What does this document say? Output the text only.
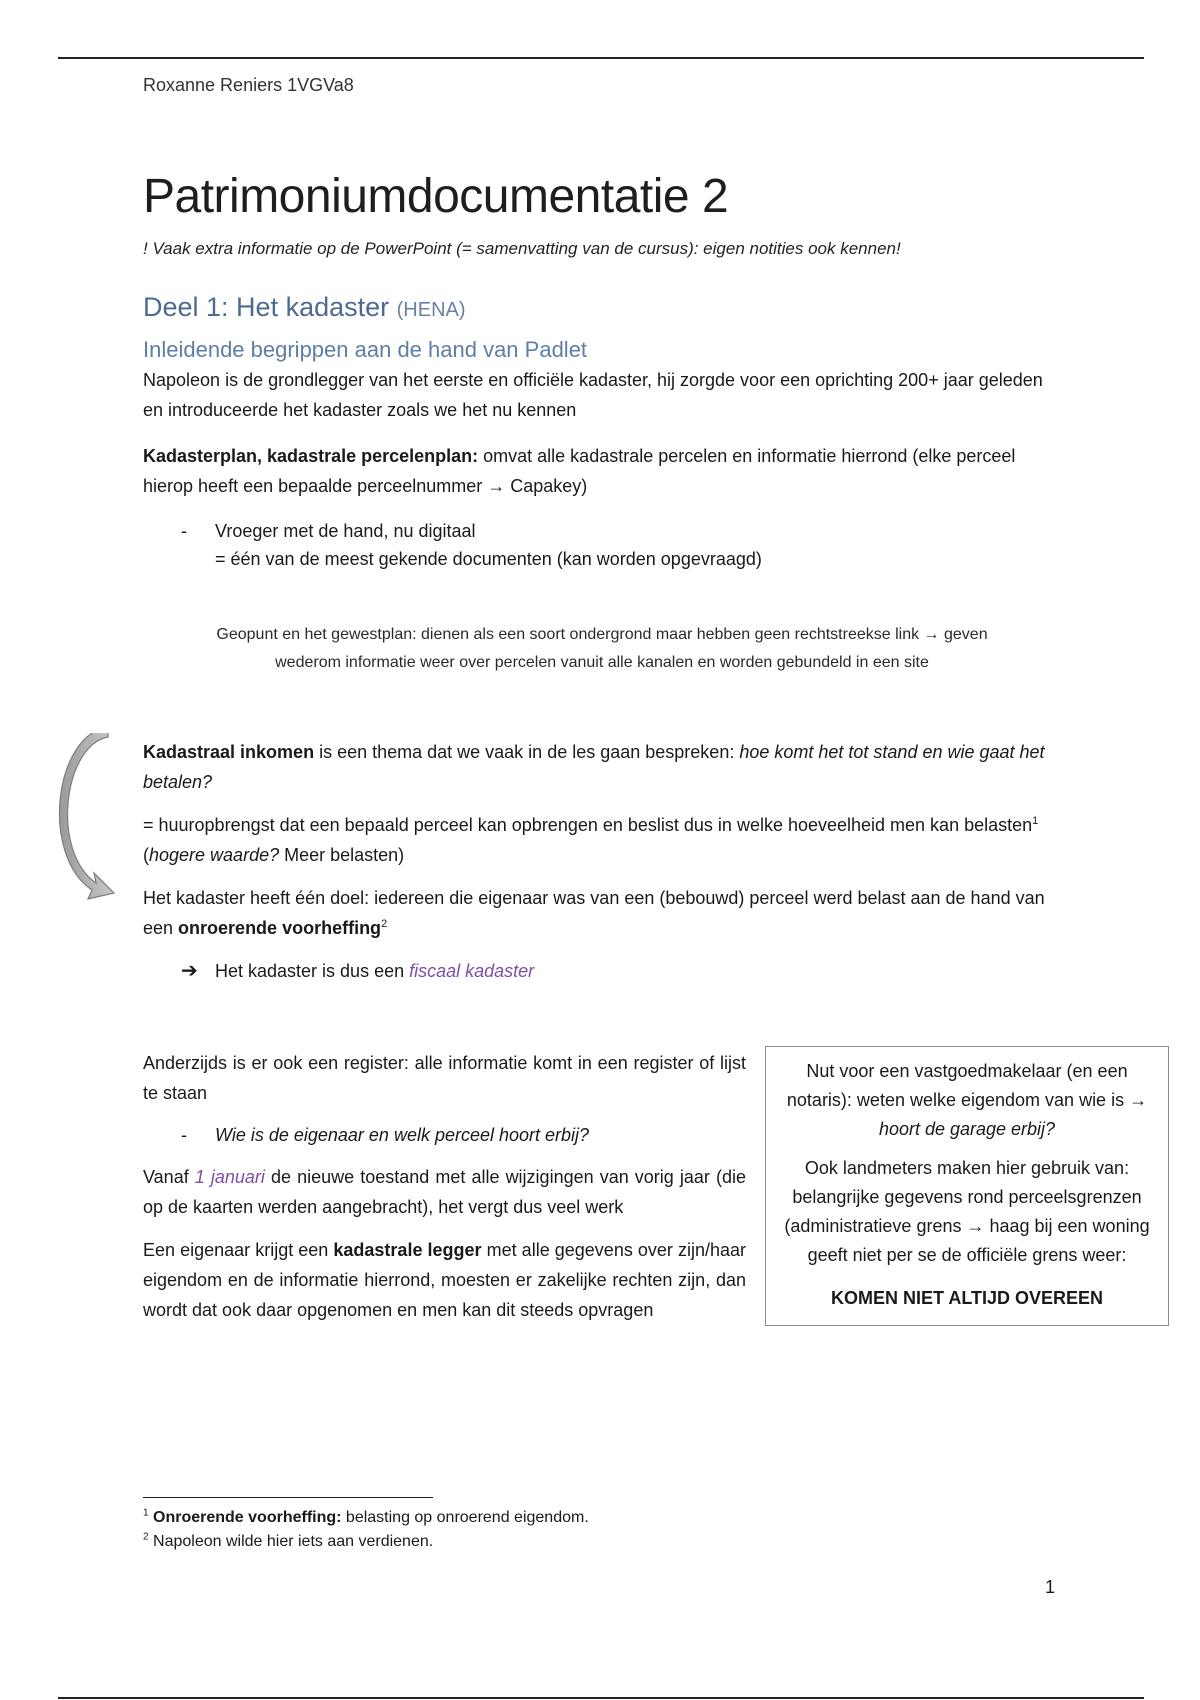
Roxanne Reniers 1VGVa8

Patrimoniumdocumentatie 2

! Vaak extra informatie op de PowerPoint (= samenvatting van de cursus): eigen notities ook kennen!

Deel 1: Het kadaster (HENA)
Inleidende begrippen aan de hand van Padlet

Napoleon is de grondlegger van het eerste en officiële kadaster, hij zorgde voor een oprichting 200+ jaar geleden en introduceerde het kadaster zoals we het nu kennen

Kadasterplan, kadastrale percelenplan: omvat alle kadastrale percelen en informatie hierrond (elke perceel hierop heeft een bepaalde perceelnummer → Capakey)

-	Vroeger met de hand, nu digitaal
= één van de meest gekende documenten (kan worden opgevraagd)
Geopunt en het gewestplan: dienen als een soort ondergrond maar hebben geen rechtstreekse link → geven
wederom informatie weer over percelen vanuit alle kanalen en worden gebundeld in een site

Kadastraal inkomen is een thema dat we vaak in de les gaan bespreken: hoe komt het tot stand en wie gaat het betalen?

= huuropbrengst dat een bepaald perceel kan opbrengen en beslist dus in welke hoeveelheid men kan belasten$^1$ (hogere waarde? Meer belasten)

Het kadaster heeft één doel: iedereen die eigenaar was van een (bebouwd) perceel werd belast aan de hand van een onroerende voorheffing$^2$

➔ Het kadaster is dus een fiscaal kadaster

Anderzijds is er ook een register: alle informatie komt in een register of lijst te staan

-	Wie is de eigenaar en welk perceel hoort erbij?

Vanaf 1 januari de nieuwe toestand met alle wijzigingen van vorig jaar (die op de kaarten werden aangebracht), het vergt dus veel werk

Een eigenaar krijgt een kadastrale legger met alle gegevens over zijn/haar eigendom en de informatie hierrond, moesten er zakelijke rechten zijn, dan wordt dat ook daar opgenomen en men kan dit steeds opvragen

Nut voor een vastgoedmakelaar (en een notaris): weten welke eigendom van wie is → hoort de garage erbij?

Ook landmeters maken hier gebruik van: belangrijke gegevens rond perceelsgrenzen (administratieve grens → haag bij een woning geeft niet per se de officiële grens weer:

KOMEN NIET ALTIJD OVEREEN

$^1$ Onroerende voorheffing: belasting op onroerend eigendom.
$^2$ Napoleon wilde hier iets aan verdienen.
1
